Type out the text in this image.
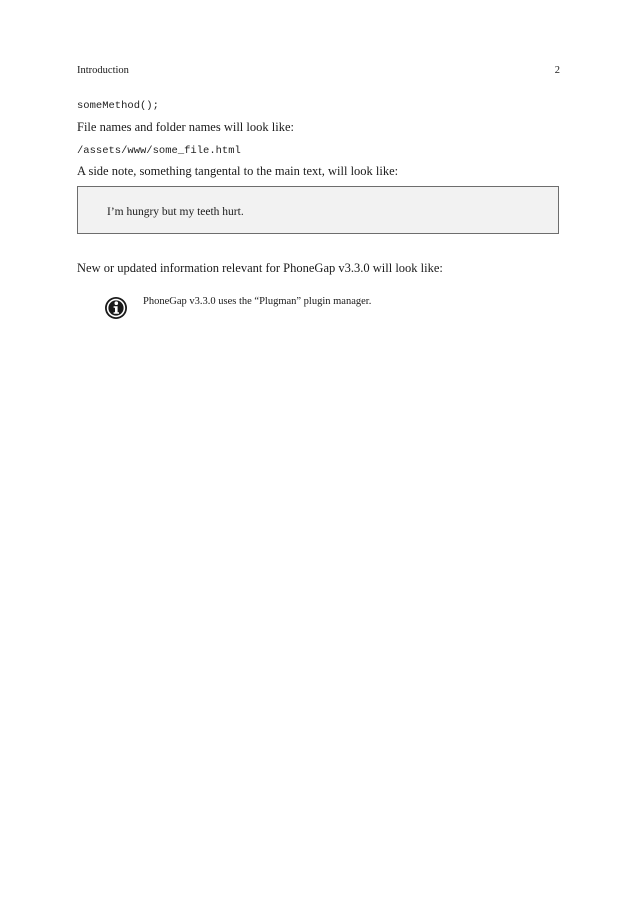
Introduction	2
someMethod();
File names and folder names will look like:
/assets/www/some_file.html
A side note, something tangental to the main text, will look like:
I’m hungry but my teeth hurt.
New or updated information relevant for PhoneGap v3.3.0 will look like:
PhoneGap v3.3.0 uses the “Plugman” plugin manager.
